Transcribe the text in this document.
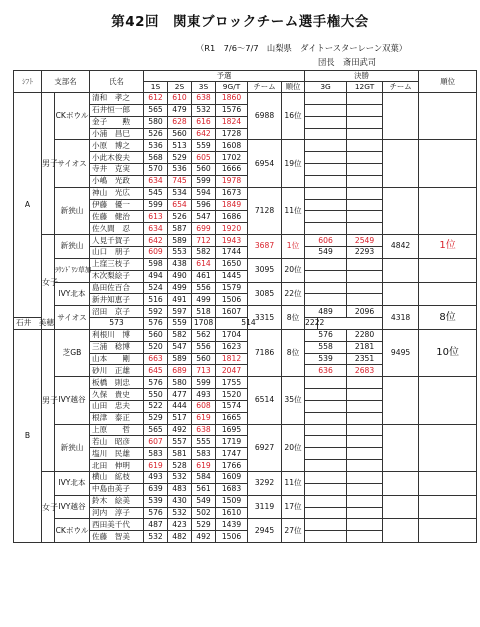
第42回　関東ブロックチーム選手権大会
（R1　7/6〜7/7　山梨県　ダイトースターレーン双葉）
団長　斎田武司
ｼﾌﾄ	支部名		氏名	予選						決勝			順位
				1S	2S	3S	9G/T	チーム	順位	3G	12GT	チーム	
A	男子	CKボウル	清和　孝之	612	610	638	1860	6988	16位				
			石井恒一郎	565	479	532	1576						
			金子　　勲	580	628	616	1824						
			小浦　昌巳	526	560	642	1728						
		サイオス	小原　博之	536	513	559	1608	6954	19位				
			小此木俊夫	568	529	605	1702						
			寺井　克実	570	536	560	1666						
			小嶋　光政	634	745	599	1978						
		新狭山	神山　光広	545	534	594	1673	7128	11位				
			伊藤　優一	599	654	596	1849						
			佐藤　健治	613	526	547	1686						
			佐久間　忍	634	587	699	1920						
	女子	新狭山	人見千賀子	642	589	712	1943	3687	1位	606	2549	4842	1位
			山口　朋子	609	553	582	1744			549	2293		
		ﾗｳﾝﾄﾞﾜﾝ草加	上窪三枝子	598	438	614	1650	3095	20位				
			木次梨絵子	494	490	461	1445						
		IVY北本	島田佐百合	524	499	556	1579	3085	22位				
			新井知恵子	516	491	499	1506						
		サイオス	沼田　京子	592	597	518	1607	3315	8位	489	2096	4318	8位
石井　美穂			573	576	559	1708	514			2222			
B	男子	芝GB	利根川　博	560	582	562	1704	7186	8位	576	2280	9495	10位
			三浦　稔博	520	547	556	1623			558	2181		
			山本　　剛	663	589	560	1812			539	2351		
			砂川　正雄	645	689	713	2047			636	2683		
		IVY越谷	板橋　則忠	576	580	599	1755	6514	35位				
			久保　貴史	550	477	493	1520						
			山田　忠夫	522	444	608	1574						
			根津　泰正	529	517	619	1665						
		新狭山	上原　　哲	565	492	638	1695	6927	20位				
			若山　昭彦	607	557	555	1719						
			塩川　民雄	583	581	583	1747						
			北田　伸明	619	528	619	1766						
	女子	IVY北本	横山　絋枝	493	532	584	1609	3292	11位				
			中島由美子	639	483	561	1683						
		IVY越谷	鈴木　絵美	539	430	549	1509	3119	17位				
			河内　淳子	576	532	502	1610						
		CKボウル	西田美千代	487	423	529	1439	2945	27位				
			佐藤　智美	532	482	492	1506						
